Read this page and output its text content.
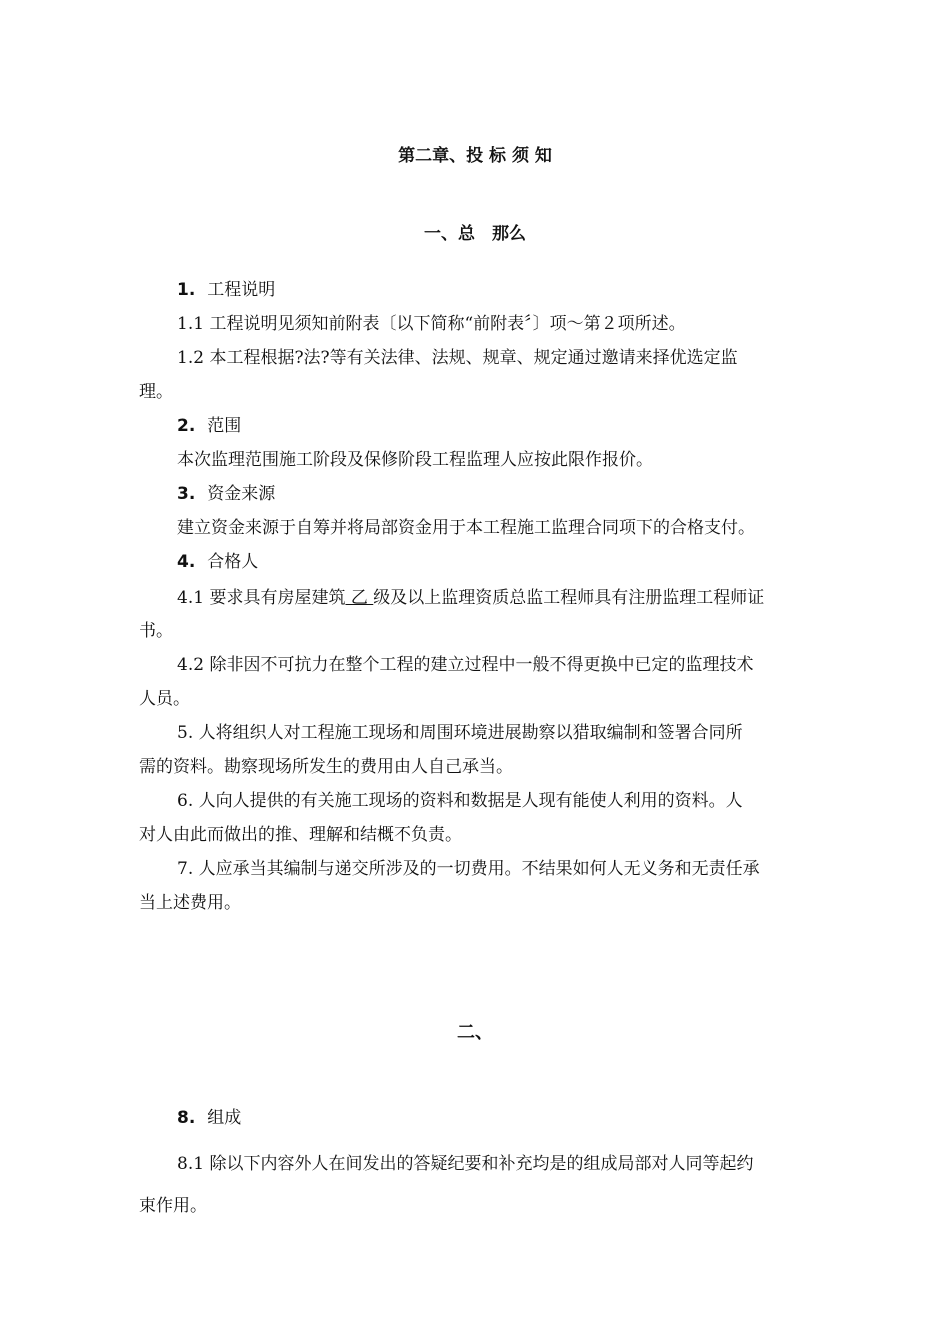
第二章、投 标 须 知
一、总　那么
1. 工程说明
1.1 工程说明见须知前附表〔以下简称“前附表〞〕项～第２项所述。
1.2 本工程根据?法?等有关法律、法规、规章、规定通过邀请来择优选定监
理。
2. 范围
本次监理范围施工阶段及保修阶段工程监理人应按此限作报价。
3. 资金来源
建立资金来源于自筹并将局部资金用于本工程施工监理合同项下的合格支付。
4. 合格人
4.1 要求具有房屋建筑 乙 级及以上监理资质总监工程师具有注册监理工程师证
书。
4.2 除非因不可抗力在整个工程的建立过程中一般不得更换中已定的监理技术
人员。
5. 人将组织人对工程施工现场和周围环境进展勘察以猎取编制和签署合同所
需的资料。勘察现场所发生的费用由人自己承当。
6. 人向人提供的有关施工现场的资料和数据是人现有能使人利用的资料。人
对人由此而做出的推、理解和结概不负责。
7. 人应承当其编制与递交所涉及的一切费用。不结果如何人无义务和无责任承
当上述费用。
二、
8. 组成
8.1 除以下内容外人在间发出的答疑纪要和补充均是的组成局部对人同等起约
束作用。
